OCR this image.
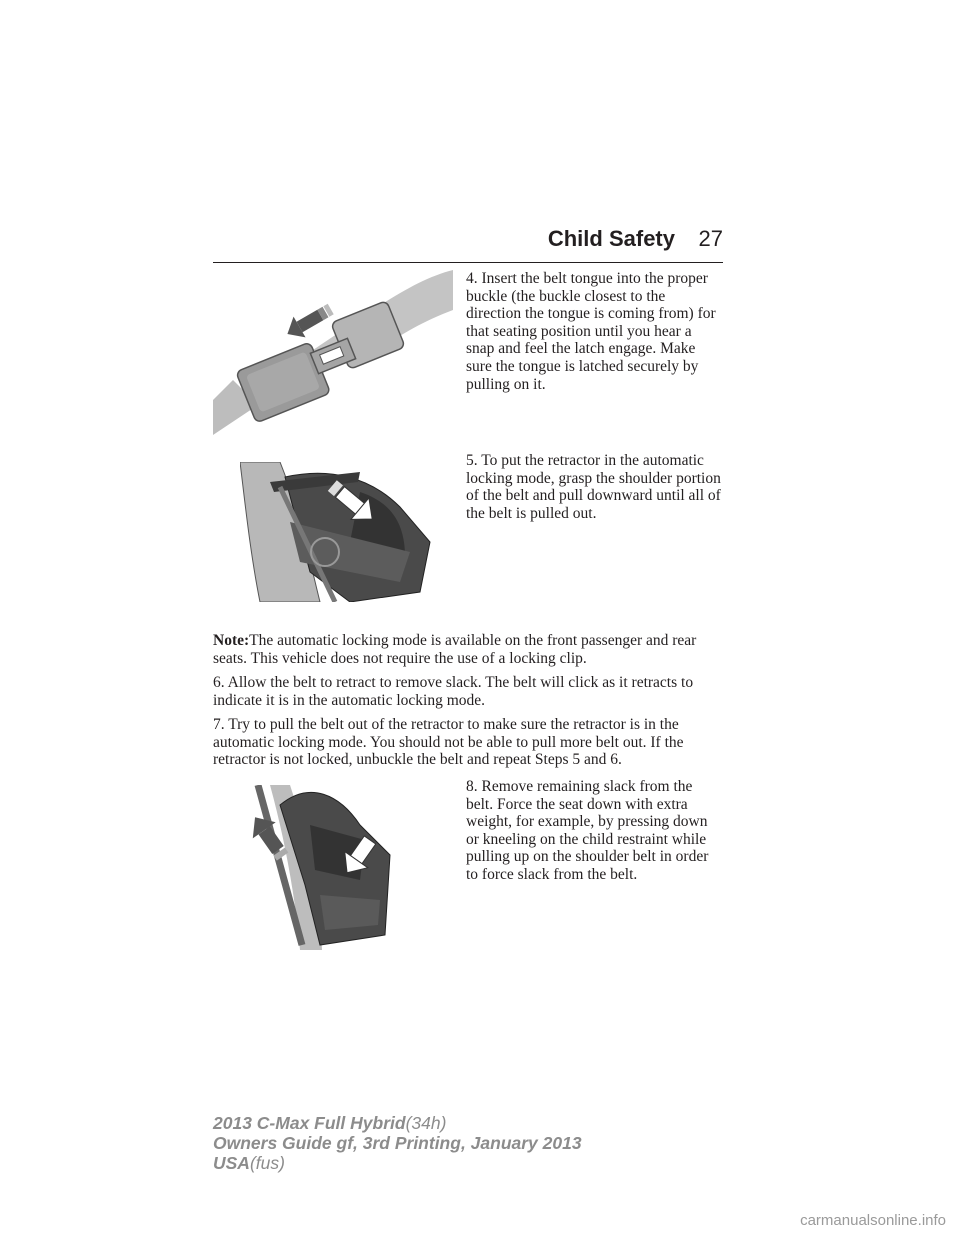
Child Safety 27

4. Insert the belt tongue into the proper buckle (the buckle closest to the direction the tongue is coming from) for that seating position until you hear a snap and feel the latch engage. Make sure the tongue is latched securely by pulling on it.

5. To put the retractor in the automatic locking mode, grasp the shoulder portion of the belt and pull downward until all of the belt is pulled out.

Note:The automatic locking mode is available on the front passenger and rear seats. This vehicle does not require the use of a locking clip.

6. Allow the belt to retract to remove slack. The belt will click as it retracts to indicate it is in the automatic locking mode.

7. Try to pull the belt out of the retractor to make sure the retractor is in the automatic locking mode. You should not be able to pull more belt out. If the retractor is not locked, unbuckle the belt and repeat Steps 5 and 6.

8. Remove remaining slack from the belt. Force the seat down with extra weight, for example, by pressing down or kneeling on the child restraint while pulling up on the shoulder belt in order to force slack from the belt.

2013 C-Max Full Hybrid(34h)
Owners Guide gf, 3rd Printing, January 2013
USA(fus)
carmanualsonline.info
